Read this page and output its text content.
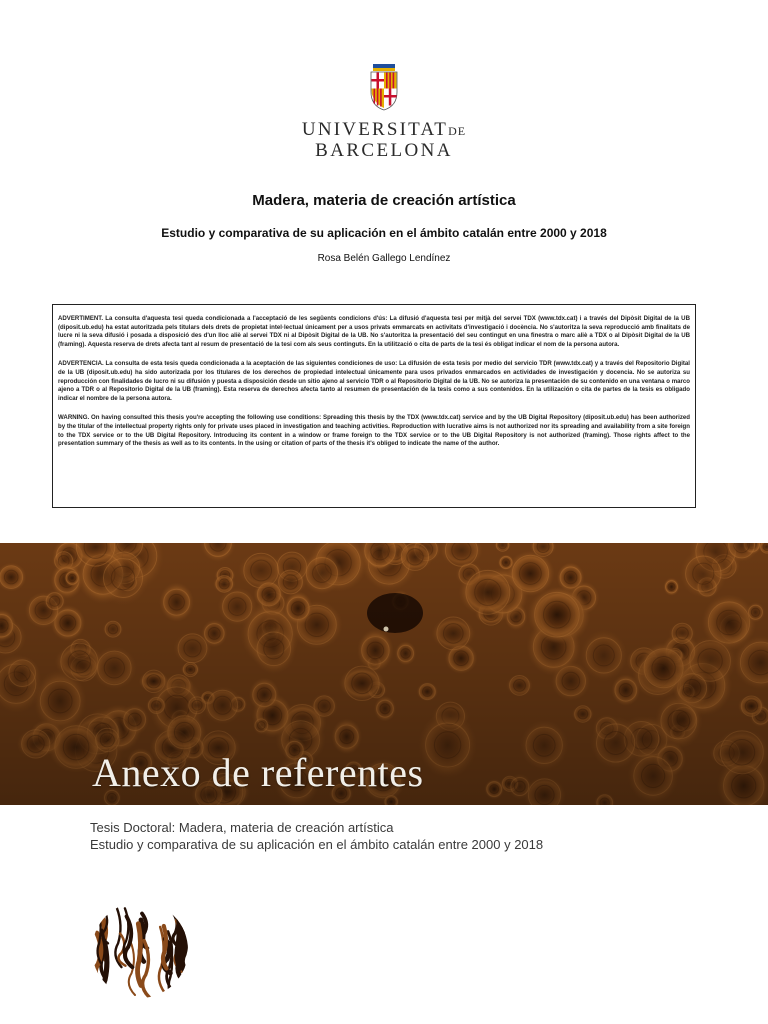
UNIVERSITATDE
BARCELONA
Madera, materia de creación artística
Estudio y comparativa de su aplicación en el ámbito catalán entre 2000 y 2018
Rosa Belén Gallego Lendínez

ADVERTIMENT. La consulta d'aquesta tesi queda condicionada a l'acceptació de les següents condicions d'ús: La difusió d'aquesta tesi per mitjà del servei TDX (www.tdx.cat) i a través del Dipòsit Digital de la UB (diposit.ub.edu) ha estat autoritzada pels titulars dels drets de propietat intel·lectual únicament per a usos privats emmarcats en activitats d'investigació i docència. No s'autoritza la seva reproducció amb finalitats de lucre ni la seva difusió i posada a disposició des d'un lloc aliè al servei TDX ni al Dipòsit Digital de la UB. No s'autoritza la presentació del seu contingut en una finestra o marc aliè a TDX o al Dipòsit Digital de la UB (framing). Aquesta reserva de drets afecta tant al resum de presentació de la tesi com als seus continguts. En la utilització o cita de parts de la tesi és obligat indicar el nom de la persona autora.

ADVERTENCIA. La consulta de esta tesis queda condicionada a la aceptación de las siguientes condiciones de uso: La difusión de esta tesis por medio del servicio TDR (www.tdx.cat) y a través del Repositorio Digital de la UB (diposit.ub.edu) ha sido autorizada por los titulares de los derechos de propiedad intelectual únicamente para usos privados enmarcados en actividades de investigación y docencia. No se autoriza su reproducción con finalidades de lucro ni su difusión y puesta a disposición desde un sitio ajeno al servicio TDR o al Repositorio Digital de la UB. No se autoriza la presentación de su contenido en una ventana o marco ajeno a TDR o al Repositorio Digital de la UB (framing). Esta reserva de derechos afecta tanto al resumen de presentación de la tesis como a sus contenidos. En la utilización o cita de partes de la tesis es obligado indicar el nombre de la persona autora.

WARNING. On having consulted this thesis you're accepting the following use conditions: Spreading this thesis by the TDX (www.tdx.cat) service and by the UB Digital Repository (diposit.ub.edu) has been authorized by the titular of the intellectual property rights only for private uses placed in investigation and teaching activities. Reproduction with lucrative aims is not authorized nor its spreading and availability from a site foreign to the TDX service or to the UB Digital Repository. Introducing its content in a window or frame foreign to the TDX service or to the UB Digital Repository is not authorized (framing). Those rights affect to the presentation summary of the thesis as well as to its contents. In the using or citation of parts of the thesis it's obliged to indicate the name of the author.

Anexo de referentes
Tesis Doctoral: Madera, materia de creación artística
Estudio y comparativa de su aplicación en el ámbito catalán entre 2000 y 2018
